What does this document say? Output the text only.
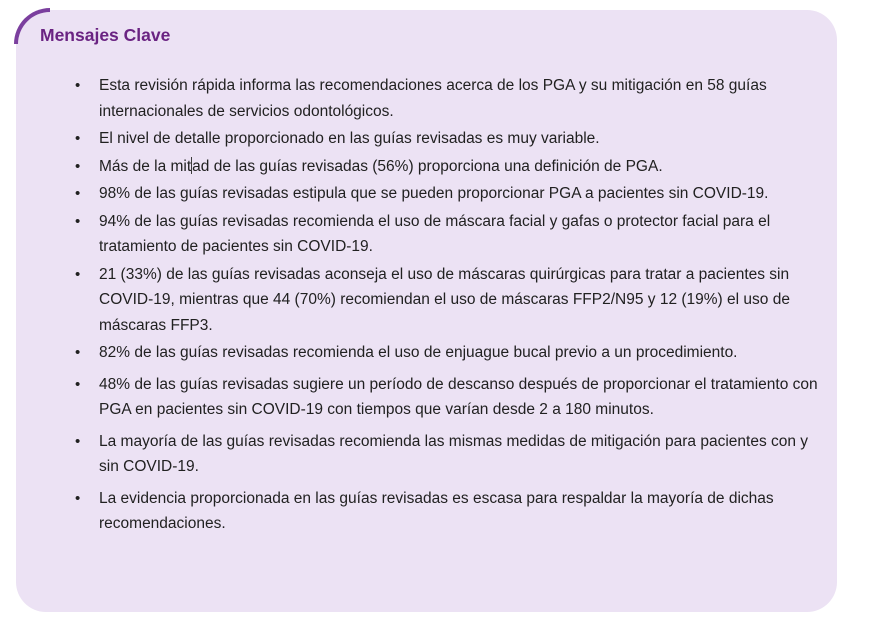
Mensajes Clave
• Esta revisión rápida informa las recomendaciones acerca de los PGA y su mitigación en 58 guías internacionales de servicios odontológicos.
• El nivel de detalle proporcionado en las guías revisadas es muy variable.
• Más de la mitad de las guías revisadas (56%) proporciona una definición de PGA.
• 98% de las guías revisadas estipula que se pueden proporcionar PGA a pacientes sin COVID-19.
• 94% de las guías revisadas recomienda el uso de máscara facial y gafas o protector facial para el tratamiento de pacientes sin COVID-19.
• 21 (33%) de las guías revisadas aconseja el uso de máscaras quirúrgicas para tratar a pacientes sin COVID-19, mientras que 44 (70%) recomiendan el uso de máscaras FFP2/N95 y 12 (19%) el uso de máscaras FFP3.
• 82% de las guías revisadas recomienda el uso de enjuague bucal previo a un procedimiento.
• 48% de las guías revisadas sugiere un período de descanso después de proporcionar el tratamiento con PGA en pacientes sin COVID-19 con tiempos que varían desde 2 a 180 minutos.
• La mayoría de las guías revisadas recomienda las mismas medidas de mitigación para pacientes con y sin COVID-19.
• La evidencia proporcionada en las guías revisadas es escasa para respaldar la mayoría de dichas recomendaciones.
